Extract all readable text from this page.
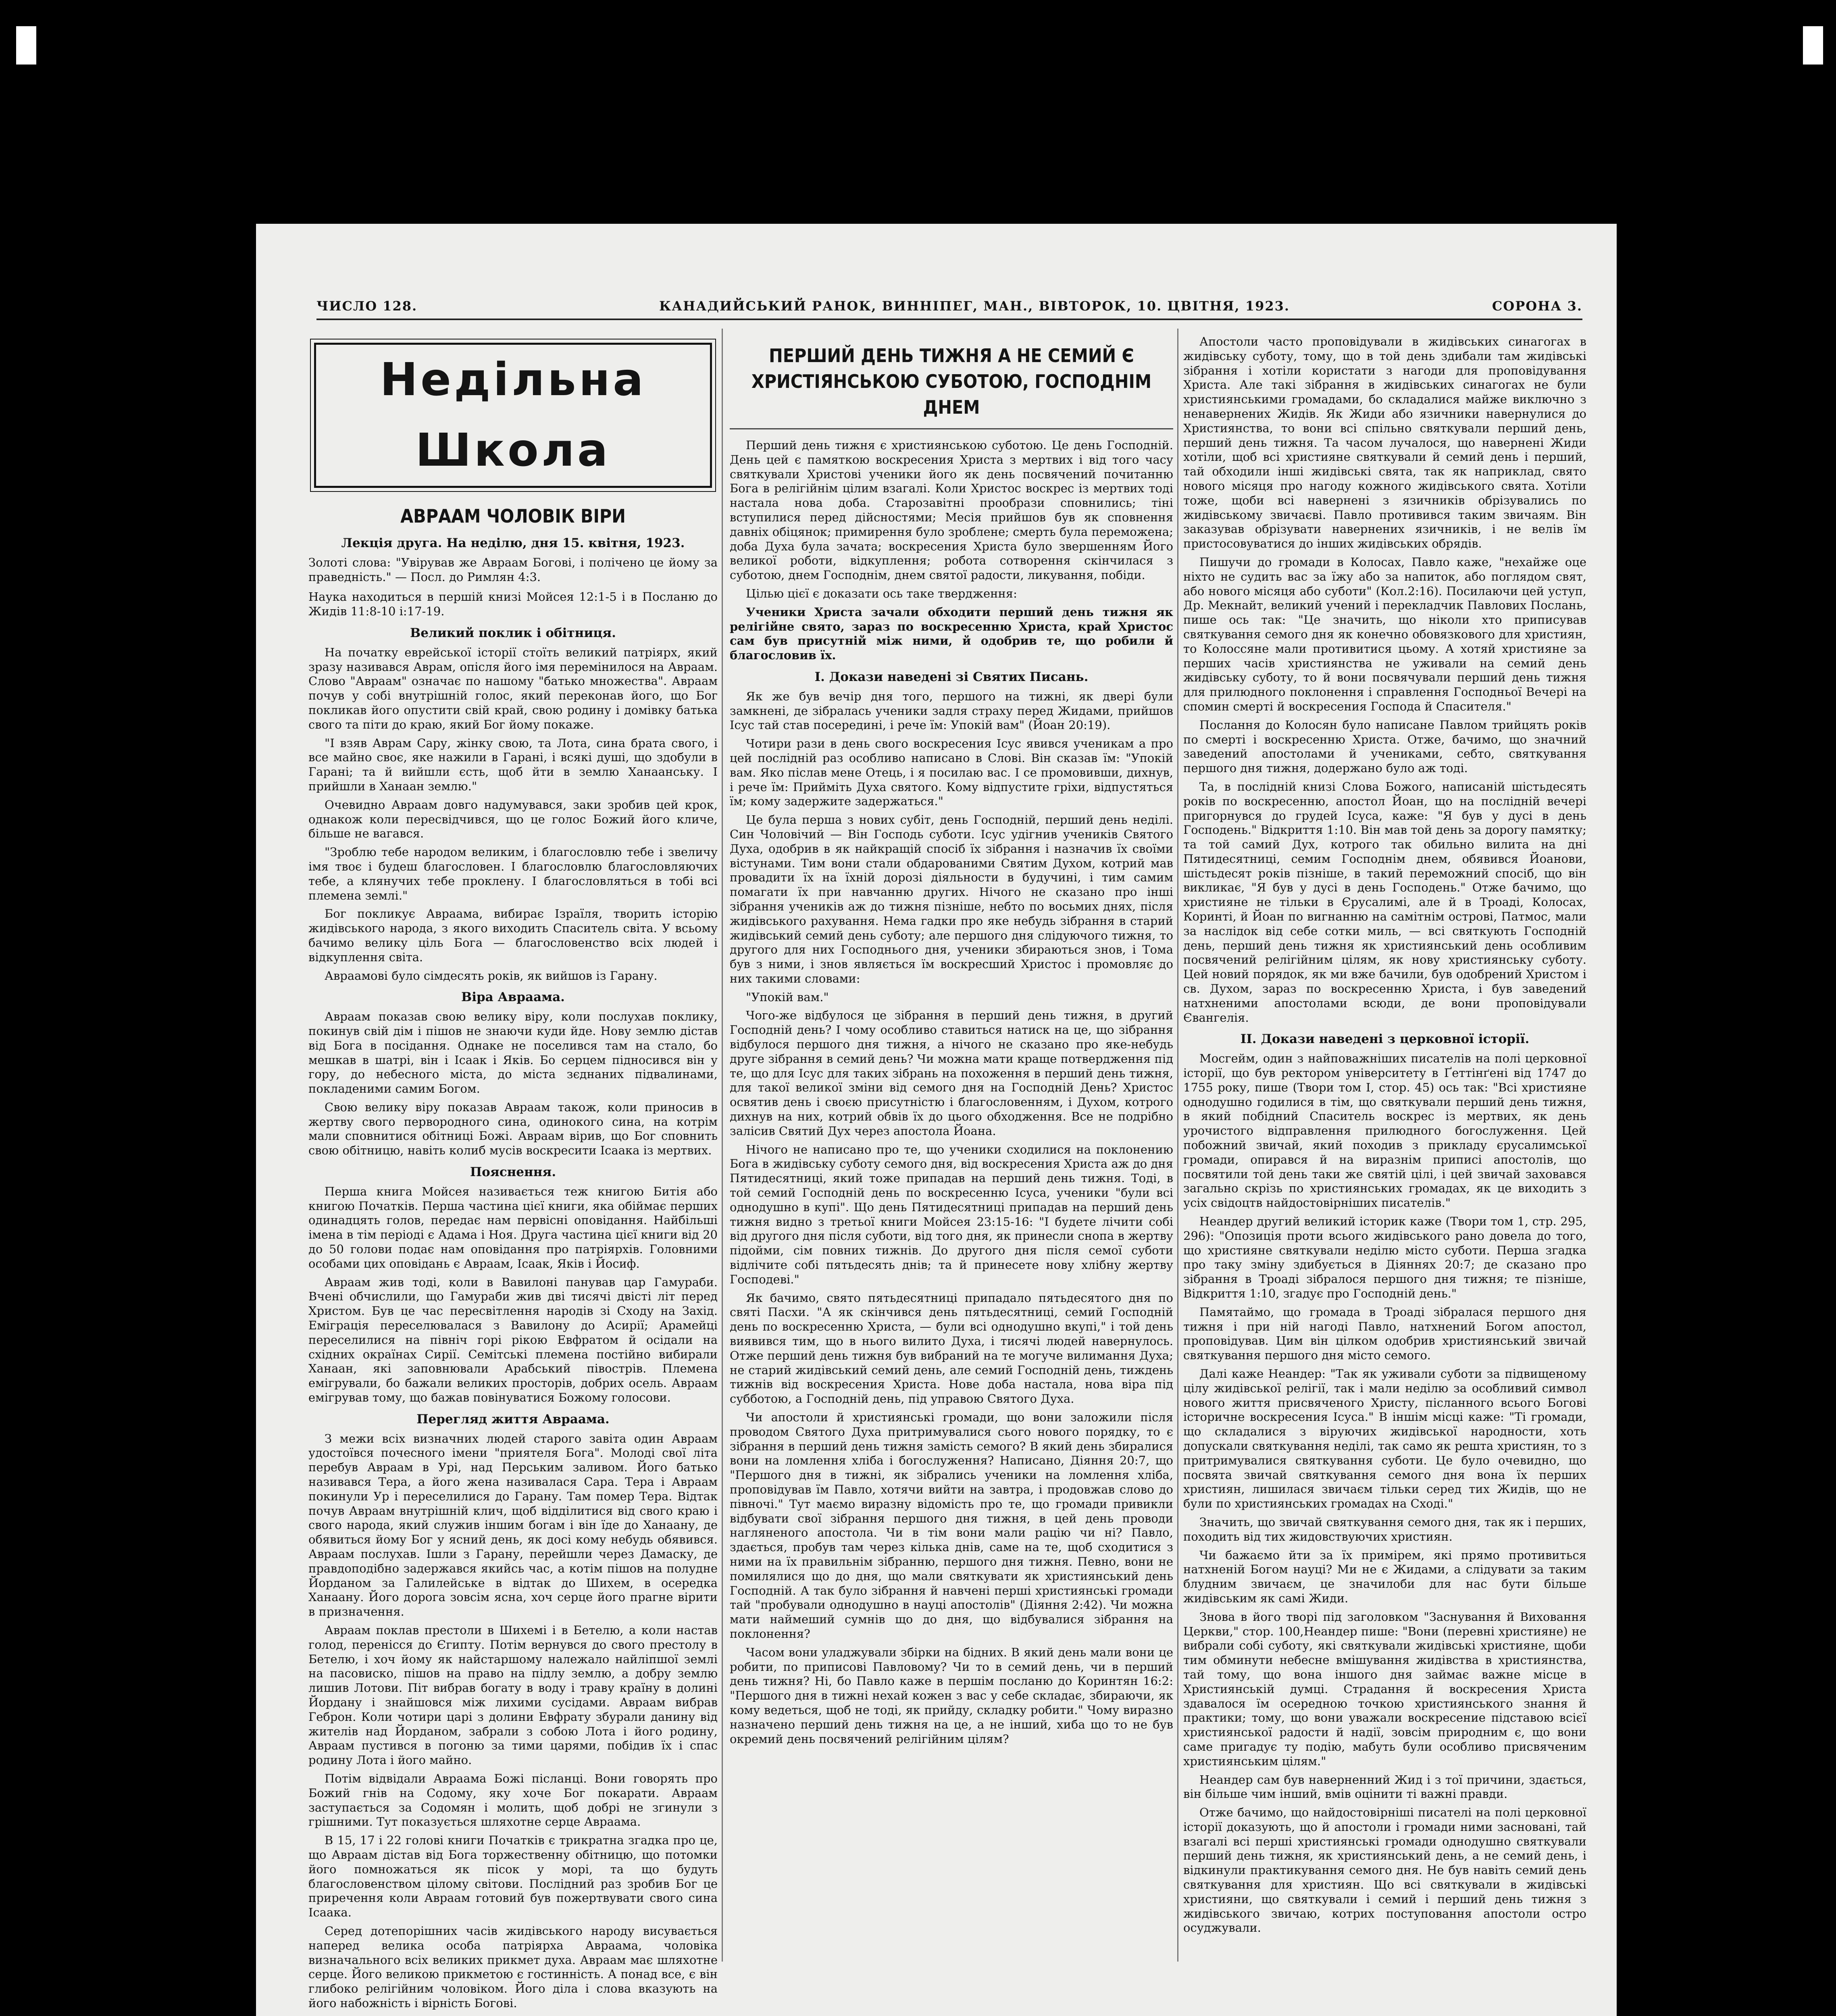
ЧИСЛО 128.	КАНАДИЙСЬКИЙ РАНОК, ВИННІПЕГ, МАН., ВІВТОРОК, 10. ЦВІТНЯ, 1923.	СОРОНА 3.
Недільна Школа
АВРААМ ЧОЛОВІК ВІРИ
Лекція друга. На неділю, дня 15. квітня, 1923.
Золоті слова: "Увірував же Авраам Богові, і полічено це йому за праведність." — Посл. до Римлян 4:3.
Наука находиться в першій книзі Мойсея 12:1-5 і в Посланю до Жидів 11:8-10 і:17-19.
Великий поклик і обітниця.

На початку еврейської історії стоїть великий патріярх, який зразу називався Аврам, опісля його імя перемінилося на Авраам. Слово "Авраам" означає по нашому "батько множества". Авраам почув у собі внутрішній голос, який переконав його, що Бог покликав його опустити свій край, свою родину і домівку батька свого та піти до краю, який Бог йому покаже.

"І взяв Аврам Сару, жінку свою, та Лота, сина брата свого, і все майно своє, яке нажили в Гарані, і всякі душі, що здобули в Гарані; та й вийшли єсть, щоб йти в землю Ханаанську. І прийшли в Ханаан землю."

Очевидно Авраам довго надумувався, заки зробив цей крок, однакож коли пересвідчився, що це голос Божий його кличе, більше не вагався.

"Зроблю тебе народом великим, і благословлю тебе і звеличу імя твоє і будеш благословен. І благословлю благословляючих тебе, а клянучих тебе проклену. І благословляться в тобі всі племена землі."

Бог покликує Авраама, вибирає Ізраїля, творить історію жидівського народа, з якого виходить Спаситель світа. У всьому бачимо велику ціль Бога — благословенство всіх людей і відкуплення світа.

Авраамові було сімдесять років, як вийшов із Гарану.

Віра Авраама.

Авраам показав свою велику віру, коли послухав поклику, покинув свій дім і пішов не знаючи куди йде. Нову землю дістав від Бога в посідання. Однаке не поселився там на стало, бо мешкав в шатрі, він і Ісаак і Яків. Бо серцем підносився він у гору, до небесного міста, до міста зєднаних підвалинами, покладеними самим Богом.

Свою велику віру показав Авраам також, коли приносив в жертву свого первородного сина, одинокого сина, на котрім мали сповнитися обітниці Божі. Авраам вірив, що Бог сповнить свою обітницю, навіть колиб мусів воскресити Ісаака із мертвих.

Пояснення.

Перша книга Мойсея називається теж книгою Битія або книгою Початків. Перша частина цієї книги, яка обіймає перших одинадцять голов, передає нам первісні оповідання. Найбільші імена в тім періоді є Адама і Ноя. Друга частина цієї книги від 20 до 50 голови подає нам оповідання про патріярхів. Головними особами цих оповідань є Авраам, Ісаак, Яків і Йосиф.

Авраам жив тоді, коли в Вавилоні панував цар Гамураби. Вчені обчислили, що Гамураби жив дві тисячі двісті літ перед Христом. Був це час пересвітлення народів зі Сходу на Захід. Еміграція переселювалася з Вавилону до Асирії; Арамейці переселилися на північ горі рікою Евфратом й осідали на східних окраїнах Сирії. Семітські племена постійно вибирали Ханаан, які заповнювали Арабський півострів. Племена емігрували, бо бажали великих просторів, добрих осель. Авраам емігрував тому, що бажав повінуватися Божому голосови.

Перегляд життя Авраама.

З межи всіх визначних людей старого завіта один Авраам удостоївся почесного імени "приятеля Бога". Молоді свої літа перебув Авраам в Урі, над Перським заливом. Його батько називався Тера, а його жена називалася Сара. Тера і Авраам покинули Ур і переселилися до Гарану. Там помер Тера. Відтак почув Авраам внутрішній клич, щоб відділитися від свого краю і свого народа, який служив іншим богам і він їде до Ханаану, де обявиться йому Бог у ясний день, як досі кому небудь обявився. Авраам послухав. Ішли з Гарану, перейшли через Дамаску, де правдоподібно задержався якийсь час, а котім пішов на полудне Йорданом за Галилейське в відтак до Шихем, в осередка Ханаану. Його дорога зовсім ясна, хоч серце його прагне вірити в призначення.

Авраам поклав престоли в Шихемі і в Бетелю, а коли настав голод, перенісся до Єгипту. Потім вернувся до свого престолу в Бетелю, і хоч йому як найстаршому належало найліпшої землі на пасовиско, пішов на право на підлу землю, а добру землю лишив Лотови. Піт вибрав богату в воду і траву країну в долині Йордану і знайшовся між лихими сусідами. Авраам вибрав Геброн. Коли чотири царі з долини Евфрату збурали данину від жителів над Йорданом, забрали з собою Лота і його родину, Авраам пустився в погоню за тими царями, побідив їх і спас родину Лота і його майно.

Потім відвідали Авраама Божі післанці. Вони говорять про Божий гнів на Содому, яку хоче Бог покарати. Авраам заступається за Содомян і молить, щоб добрі не згинули з грішними. Тут показується шляхотне серце Авраама.

В 15, 17 і 22 голові книги Початків є трикратна згадка про це, що Авраам дістав від Бога торжественну обітницю, що потомки його помножаться як пісок у морі, та що будуть благословенством цілому світови. Послідний раз зробив Бог це приречення коли Авраам готовий був пожертвувати свого сина Ісаака.

Серед дотепорішних часів жидівського народу висувається наперед велика особа патріярха Авраама, чоловіка визначального всіх великих прикмет духа. Авраам має шляхотне серце. Його великою прикметою є гостинність. А понад все, є він глибоко релігійним чоловіком. Його діла і слова вказують на його набожність і вірність Богові.

ПЕРШИЙ ДЕНЬ ТИЖНЯ А НЕ СЕМИЙ Є ХРИСТІЯНСЬКОЮ СУБОТОЮ, ГОСПОДНІМ ДНЕМ

Перший день тижня є християнською суботою. Це день Господній. День цей є памяткою воскресения Христа з мертвих і від того часу святкували Христові ученики його як день посвячений почитанню Бога в релігійнім цілим взагалі. Коли Христос воскрес із мертвих тоді настала нова доба. Старозавітні прообрази сповнились; тіні вступилися перед дійсностями; Месія прийшов був як сповнення давніх обіцянок; примирення було зроблене; смерть була переможена; доба Духа була зачата; воскресения Христа було звершенням Його великої роботи, відкуплення; робота сотворення скінчилася з суботою, днем Господнім, днем святої радости, ликування, побіди.

Цілью цієї є доказати ось таке твердження:

Ученики Христа зачали обходити перший день тижня як релігійне свято, зараз по воскресенню Христа, край Христос сам був присутній між ними, й одобрив те, що робили й благословив їх.

I. Докази наведені зі Святих Писань.

Як же був вечір дня того, першого на тижні, як двері були замкнені, де зібралась ученики задля страху перед Жидами, прийшов Ісус тай став посередині, і рече їм: Упокій вам" (Йоан 20:19).

Чотири рази в день свого воскресения Ісус явився ученикам а про цей послідній раз особливо написано в Слові. Він сказав їм: "Упокій вам. Яко післав мене Отець, і я посилаю вас. І се промовивши, дихнув, і рече їм: Прийміть Духа святого. Кому відпустите гріхи, відпустяться їм; кому задержите задержаться."

Це була перша з нових субіт, день Господній, перший день неділі. Син Чоловічий — Він Господь суботи. Ісус удігнив учеників Святого Духа, одобрив в як найкращій спосіб їх зібрання і назначив їх своїми вістунами. Тим вони стали обдарованими Святим Духом, котрий мав провадити їх на їхній дорозі діяльности в будучині, і тим самим помагати їх при навчанню других. Нічого не сказано про інші зібрання учеників аж до тижня пізніше, небто по восьмих днях, після жидівського рахування. Нема гадки про яке небудь зібрання в старий жидівський семий день суботу; але першого дня слідуючого тижня, то другого для них Господнього дня, ученики збираються знов, і Тома був з ними, і знов являється їм воскресший Христос і промовляє до них такими словами:

"Упокій вам."

Чого-же відбулося це зібрання в перший день тижня, в другий Господній день? І чому особливо ставиться натиск на це, що зібрання відбулося першого дня тижня, а нічого не сказано про яке-небудь друге зібрання в семий день? Чи можна мати краще потвердження під те, що для Ісус для таких зібрань на похоження в перший день тижня, для такої великої зміни від семого дня на Господній День? Христос освятив день і своєю присутністю і благословенням, і Духом, котрого дихнув на них, котрий обвів їх до цього обходження. Все не подрібно залісив Святий Дух через апостола Йоана.

Нічого не написано про те, що ученики сходилися на поклонению Бога в жидівську суботу семого дня, від воскресения Христа аж до дня Пятидесятниці, який тоже припадав на перший день тижня. Тоді, в той семий Господній день по воскресенню Ісуса, ученики "були всі однодушно в купі". Що день Пятидесятниці припадав на перший день тижня видно з третьої книги Мойсея 23:15-16: "І будете лічити собі від другого дня після суботи, від того дня, як принесли снопа в жертву підойми, сім повних тижнів. До другого дня після семої суботи відлічите собі пятьдесять днів; та й принесете нову хлібну жертву Господеві."

Як бачимо, свято пятьдесятниці припадало пятьдесятого дня по святі Пасхи. "А як скінчився день пятьдесятниці, семий Господній день по воскресенню Христа, — були всі однодушно вкупі," і той день виявився тим, що в нього вилито Духа, і тисячі людей навернулось. Отже перший день тижня був вибраний на те могуче вилимання Духа; не старий жидівський семий день, але семий Господній день, тиждень тижнів від воскресения Христа. Нове доба настала, нова віра під субботою, а Господній день, під управою Святого Духа.

Чи апостоли й християнські громади, що вони заложили після проводом Святого Духа притримувалися сього нового порядку, то є зібрання в перший день тижня замість семого? В який день збиралися вони на ломлення хліба і богослуження? Написано, Діяння 20:7, що "Першого дня в тижні, як зібрались ученики на ломлення хліба, проповідував їм Павло, хотячи вийти на завтра, і продовжав слово до півночі." Тут маємо виразну відомість про те, що громади привикли відбувати свої зібрання першого дня тижня, в цей день проводи нагляненого апостола. Чи в тім вони мали рацію чи ні? Павло, здається, пробув там через кілька днів, саме на те, щоб сходитися з ними на їх правильнім зібранню, першого дня тижня. Певно, вони не помилялися що до дня, що мали святкувати як християнський день Господній. А так було зібрання й навчені перші християнські громади тай "пробували однодушно в науці апостолів" (Діяння 2:42). Чи можна мати наймеший сумнів що до дня, що відбувалися зібрання на поклонення?

Часом вони уладжували збірки на бідних. В який день мали вони це робити, по приписові Павловому? Чи то в семий день, чи в перший день тижня? Нi, бо Павло каже в першім посланю до Коринтян 16:2: "Першого дня в тижні нехай кожен з вас у себе складає, збираючи, як кому ведеться, щоб не тоді, як прийду, складку робити." Чому виразно назначено перший день тижня на це, а не інший, хиба що то не був окремий день посвячений релігійним цілям?

Апостоли часто проповідували в жидівських синагогах в жидівську суботу, тому, що в той день здибали там жидівські зібрання і хотіли користати з нагоди для проповідування Христа. Але такі зібрання в жидівських синагогах не були християнськими громадами, бо складалися майже виключно з ненавернених Жидів. Як Жиди або язичники навернулися до Християнства, то вони всі спільно святкували перший день, перший день тижня. Та часом лучалося, що навернені Жиди хотіли, щоб всі християне святкували й семий день і перший, тай обходили інші жидівські свята, так як наприклад, свято нового місяця про нагоду кожного жидівського свята. Хотіли тоже, щоби всі навернені з язичників обрізувались по жидівському звичаєві. Павло противився таким звичаям. Він заказував обрізувати навернених язичників, і не велів їм пристосовуватися до інших жидівських обрядів.

Пишучи до громади в Колосах, Павло каже, "нехайже оце ніхто не судить вас за їжу або за напиток, або поглядом свят, або нового місяця або суботи" (Кол.2:16). Посилаючи цей уступ, Др. Мекнайт, великий учений і перекладчик Павлових Послань, пише ось так: "Це значить, що ніколи хто приписував святкування семого дня як конечно обовязкового для християн, то Колоссяне мали противитися цьому. А хотяй християне за перших часів християнства не уживали на семий день жидівську суботу, то й вони посвячували перший день тижня для прилюдного поклонення і справлення Господньої Вечері на спомин смерті й воскресения Господа й Спасителя."

Послання до Колосян було написане Павлом трийцять років по смерті і воскресенню Христа. Отже, бачимо, що значний заведений апостолами й учениками, себто, святкування першого дня тижня, додержано було аж тоді.

Та, в послідній книзі Слова Божого, написаній шістьдесять років по воскресенню, апостол Йоан, що на послідній вечері пригорнувся до грудей Ісуса, каже: "Я був у дусі в день Господень." Відкриття 1:10. Він мав той день за дорогу памятку; та той самий Дух, котрого так обильно вилита на дні Пятидесятниці, семим Господнім днем, обявився Йоанови, шістьдесят років пізніше, в такий переможний спосіб, що він викликає, "Я був у дусі в день Господень." Отже бачимо, що християне не тільки в Єрусалимі, але й в Троаді, Колосах, Коринті, й Йоан по вигнанню на самітнім острові, Патмос, мали за наслідок від себе сотки миль, — всі святкують Господній день, перший день тижня як християнський день особливим посвячений релігійним цілям, як нову християнську суботу. Цей новий порядок, як ми вже бачили, був одобрений Христом і св. Духом, зараз по воскресенню Христа, і був заведений натхненими апостолами всюди, де вони проповідували Євангелія.

II. Докази наведені з церковної історії.

Мосгейм, один з найповажніших писателів на полі церковної історії, що був ректором університету в Ґеттінґені від 1747 до 1755 року, пише (Твори том I, стор. 45) ось так: "Всі християне однодушно годилися в тім, що святкували перший день тижня, в який побідний Спаситель воскрес із мертвих, як день урочистого відправлення прилюдного богослуження. Цей побожний звичай, який походив з прикладу єрусалимської громади, опирався й на виразнім приписі апостолів, що посвятили той день таки же святій цілі, і цей звичай заховався загально скрізь по християнських громадах, як це виходить з усіх свідоцтв найдостовірніших писателів."

Неандер другий великий історик каже (Твори том 1, стр. 295, 296): "Опозиція проти всього жидівського рано довела до того, що християне святкували неділю місто суботи. Перша згадка про таку зміну здибується в Діяннях 20:7; де сказано про зібрання в Троаді зібралося першого дня тижня; те пізніше, Відкриття 1:10, згадує про Господній день."

Памятаймо, що громада в Троаді зібралася першого дня тижня і при ній нагоді Павло, натхнений Богом апостол, проповідував. Цим він цілком одобрив християнський звичай святкування першого дня місто семого.

Далі каже Неандер: "Так як уживали суботи за підвищеному цілу жидівської релігії, так і мали неділю за особливий символ нового життя присвяченого Христу, післанного всього Богові історичне воскресения Ісуса." В іншім місці каже: "Ті громади, що складалися з віруючих жидівської народности, хоть допускали святкування неділі, так само як решта християн, то з притримувалися святкування суботи. Це було очевидно, що посвята звичай святкування семого дня вона їх перших християн, лишилася звичаєм тільки серед тих Жидів, що не були по християнських громадах на Сході."

Значить, що звичай святкування семого дня, так як і перших, походить від тих жидовствуючих християн.

Чи бажаємо йти за їх примірем, які прямо противиться натхненій Богом науці? Ми не є Жидами, а слідувати за таким блудним звичаєм, це значилоби для нас бути більше жидівським як самі Жиди.

Знова в його творі під заголовком "Заснування й Виховання Церкви," стор. 100,Неандер пише: "Вони (перевні християне) не вибрали собі суботу, які святкували жидівські християне, щоби тим обминути небесне вмішування жидівства в християнства, тай тому, що вона іншого дня займає важне місце в Християнській думці. Страдання й воскресения Христа здавалося їм осередною точкою християнського знання й практики; тому, що вони уважали воскресение підставою всієї християнської радости й надії, зовсім природним є, що вони саме пригадує ту подію, мабуть були особливо присвяченим християнським цілям."

Неандер сам був наверненний Жид і з тої причини, здається, він більше чим інший, вмів оцінити ті важні правди.

Отже бачимо, що найдостовірніші писателі на полі церковної історії доказують, що й апостоли і громади ними засновані, тай взагалі всі перші християнські громади однодушно святкували перший день тижня, як християнський день, а не семий день, і відкинули практикування семого дня. Не був навіть семий день святкування для християн. Що всі святкували в жидівські християни, що святкували і семий і перший день тижня з жидівського звичаю, котрих поступовання апостоли остро осуджували.
